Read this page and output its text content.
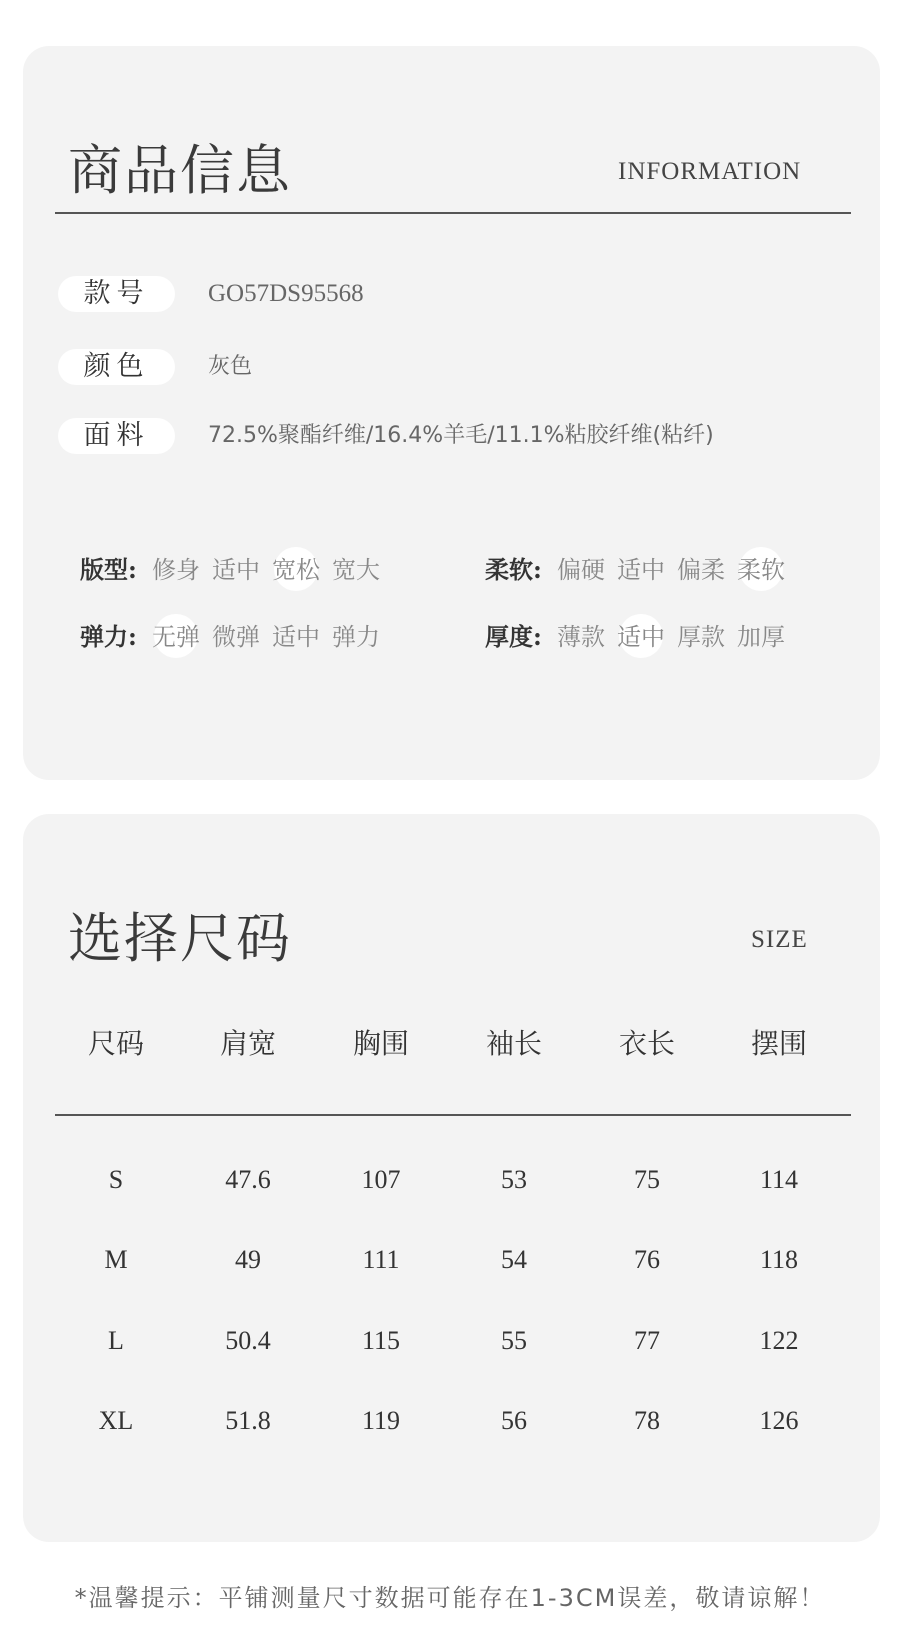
商品信息	INFORMATION
款号	GO57DS95568
颜色	灰色
面料	72.5%聚酯纤维/16.4%羊毛/11.1%粘胶纤维(粘纤)
版型: 修身 适中 宽松 宽大	柔软: 偏硬 适中 偏柔 柔软
弹力: 无弹 微弹 适中 弹力	厚度: 薄款 适中 厚款 加厚
选择尺码	SIZE
尺码	肩宽	胸围	袖长	衣长	摆围
S	47.6	107	53	75	114
M	49	111	54	76	118
L	50.4	115	55	77	122
XL	51.8	119	56	78	126
*温馨提示：平铺测量尺寸数据可能存在1-3CM误差，敬请谅解！
